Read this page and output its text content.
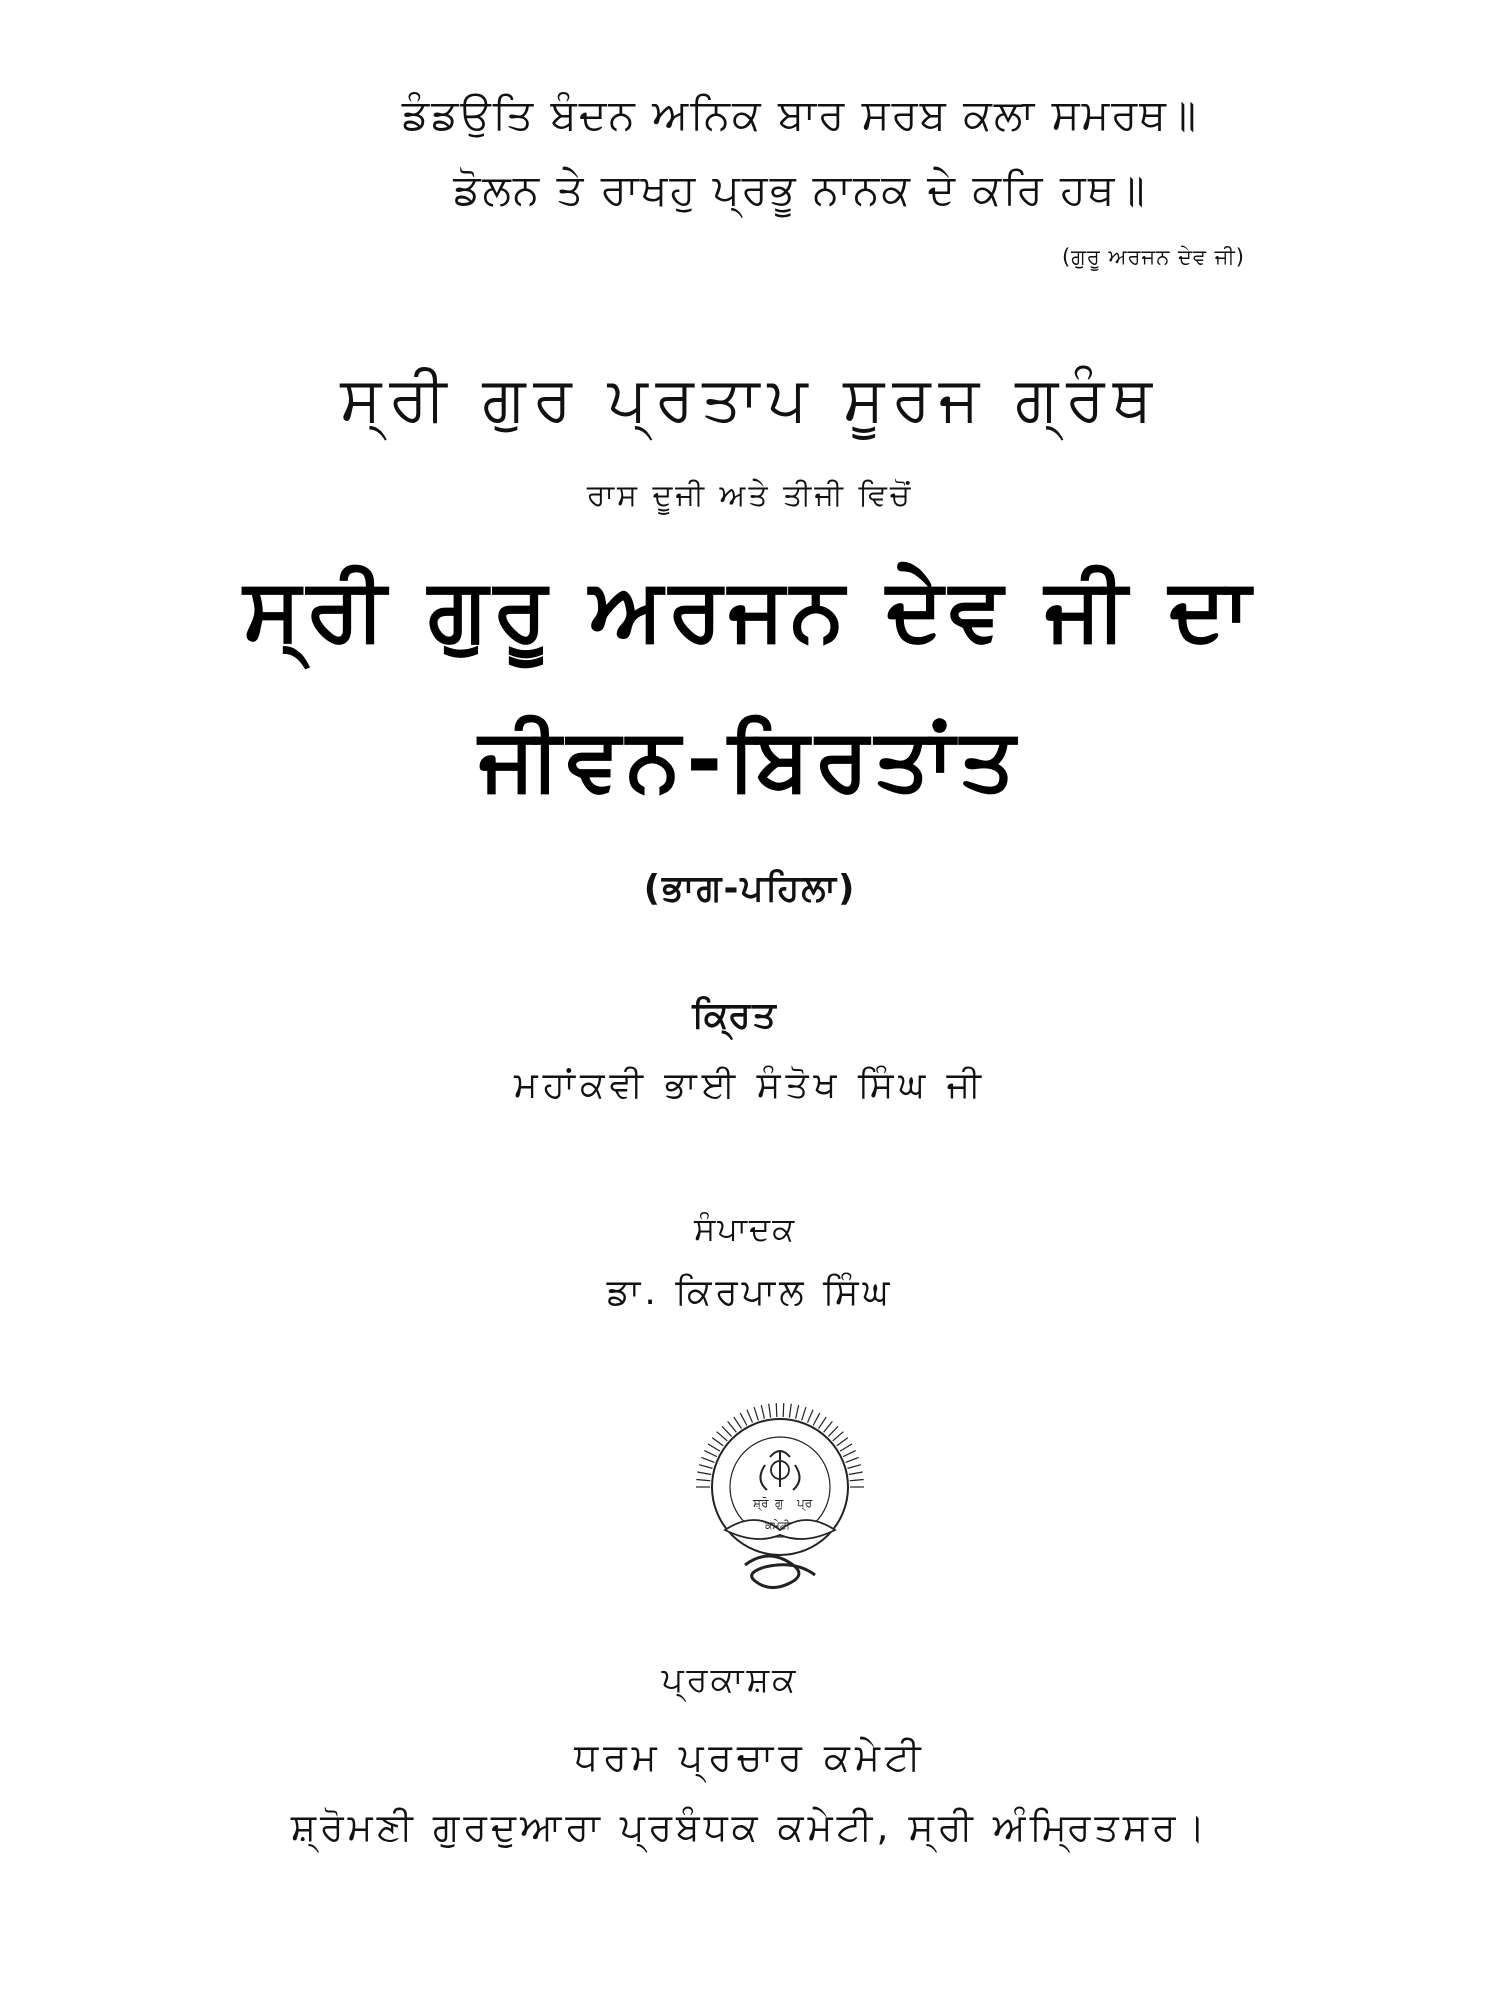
ਡੰਡਉਤਿ ਬੰਦਨ ਅਨਿਕ ਬਾਰ ਸਰਬ ਕਲਾ ਸਮਰਥ॥
ਡੋਲਨ ਤੇ ਰਾਖਹੁ ਪ੍ਰਭੂ ਨਾਨਕ ਦੇ ਕਰਿ ਹਥ॥
(ਗੁਰੂ ਅਰਜਨ ਦੇਵ ਜੀ)
ਸ੍ਰੀ ਗੁਰ ਪ੍ਰਤਾਪ ਸੂਰਜ ਗ੍ਰੰਥ
ਰਾਸ ਦੂਜੀ ਅਤੇ ਤੀਜੀ ਵਿਚੋਂ
ਸ੍ਰੀ ਗੁਰੂ ਅਰਜਨ ਦੇਵ ਜੀ ਦਾ
ਜੀਵਨ-ਬਿਰਤਾਂਤ
(ਭਾਗ-ਪਹਿਲਾ)
ਕ੍ਰਿਤ
ਮਹਾਂਕਵੀ ਭਾਈ ਸੰਤੋਖ ਸਿੰਘ ਜੀ
ਸੰਪਾਦਕ
ਡਾ. ਕਿਰਪਾਲ ਸਿੰਘ
ਸ਼੍ਰੋ ਗੁ ਪ੍ਰ
ਕਮੇਟੀ
ਪ੍ਰਕਾਸ਼ਕ
ਧਰਮ ਪ੍ਰਚਾਰ ਕਮੇਟੀ
ਸ਼੍ਰੋਮਣੀ ਗੁਰਦੁਆਰਾ ਪ੍ਰਬੰਧਕ ਕਮੇਟੀ, ਸ੍ਰੀ ਅੰਮ੍ਰਿਤਸਰ।
